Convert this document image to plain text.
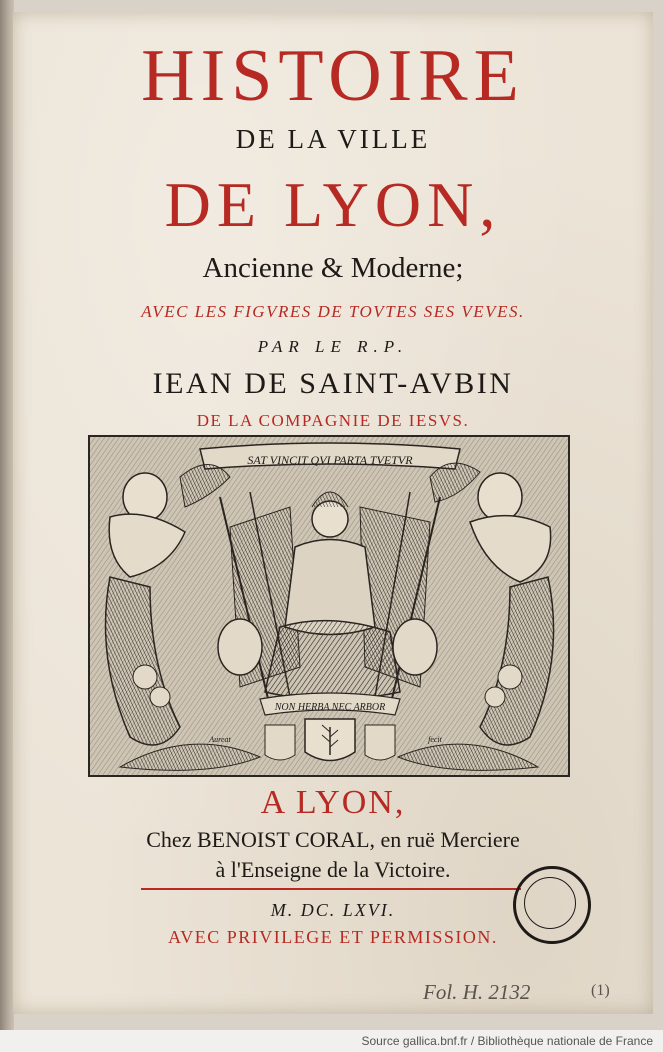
HISTOIRE
DE LA VILLE
DE LYON,
Ancienne & Moderne;
AVEC LES FIGVRES DE TOVTES SES VEVES.
PAR LE R.P.
IEAN DE SAINT-AVBIN
DE LA COMPAGNIE DE IESVS.
SAT VINCIT QVI PARTA TVETVR
NON HERBA NEC ARBOR
Aureat	fecit
A LYON,
Chez BENOIST CORAL, en ruë Merciere
à l'Enseigne de la Victoire.
M. DC. LXVI.
AVEC PRIVILEGE ET PERMISSION.
Fol. H. 2132	(1)
Source gallica.bnf.fr / Bibliothèque nationale de France
